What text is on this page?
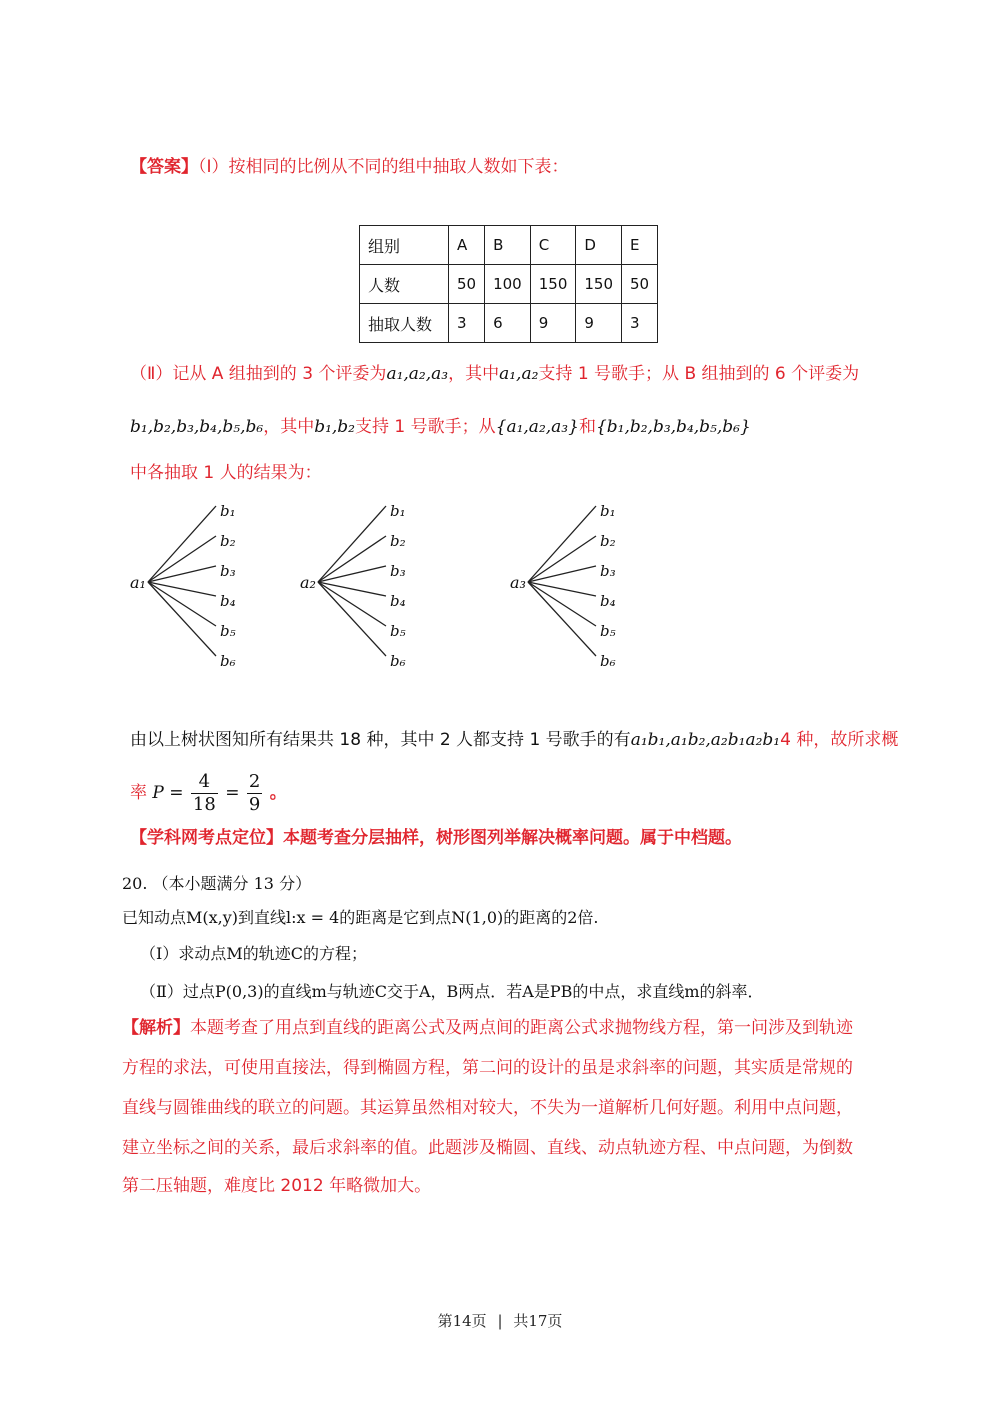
【答案】（Ⅰ）按相同的比例从不同的组中抽取人数如下表：
组别	A	B	C	D	E
人数	50	100	150	150	50
抽取人数	3	6	9	9	3
（Ⅱ）记从 A 组抽到的 3 个评委为a₁,a₂,a₃，其中a₁,a₂支持 1 号歌手；从 B 组抽到的 6 个评委为
b₁,b₂,b₃,b₄,b₅,b₆，其中b₁,b₂支持 1 号歌手；从{a₁,a₂,a₃}和{b₁,b₂,b₃,b₄,b₅,b₆}
中各抽取 1 人的结果为：
a₁
b₁
b₂
b₃
b₄
b₅
b₆
a₂
b₁
b₂
b₃
b₄
b₅
b₆
a₃
b₁
b₂
b₃
b₄
b₅
b₆
由以上树状图知所有结果共 18 种，其中 2 人都支持 1 号歌手的有a₁b₁,a₁b₂,a₂b₁a₂b₁4 种，故所求概
率 $P = \frac{4}{18} = \frac{2}{9}$ 。
【学科网考点定位】本题考查分层抽样，树形图列举解决概率问题。属于中档题。
20. （本小题满分 13 分）
已知动点M(x,y)到直线l:x = 4的距离是它到点N(1,0)的距离的2倍.
（Ⅰ）求动点M的轨迹C的方程；
（Ⅱ）过点P(0,3)的直线m与轨迹C交于A，B两点．若A是PB的中点，求直线m的斜率．
【解析】本题考查了用点到直线的距离公式及两点间的距离公式求抛物线方程，第一问涉及到轨迹
方程的求法，可使用直接法，得到椭圆方程，第二问的设计的虽是求斜率的问题，其实质是常规的
直线与圆锥曲线的联立的问题。其运算虽然相对较大，不失为一道解析几何好题。利用中点问题，
建立坐标之间的关系，最后求斜率的值。此题涉及椭圆、直线、动点轨迹方程、中点问题，为倒数
第二压轴题，难度比 2012 年略微加大。
第14页 | 共17页
